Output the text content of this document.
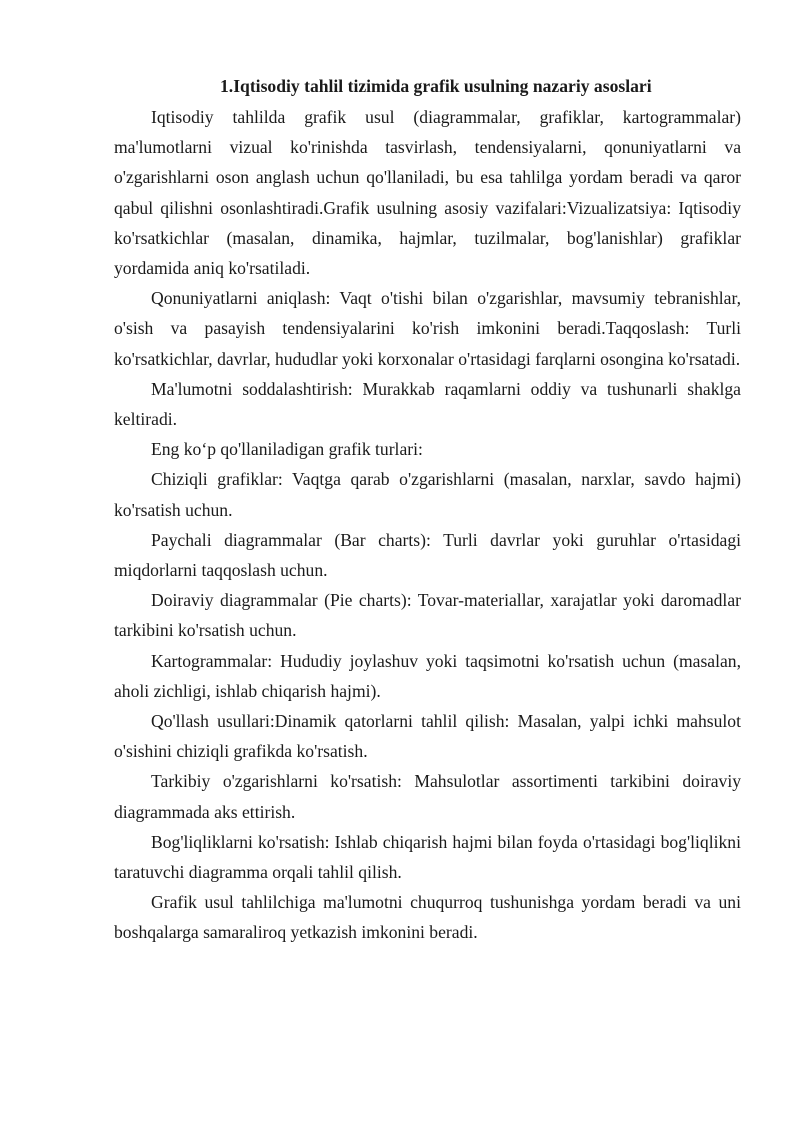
1.Iqtisodiy tahlil tizimida grafik usulning nazariy asoslari

Iqtisodiy tahlilda grafik usul (diagrammalar, grafiklar, kartogrammalar) ma'lumotlarni vizual ko'rinishda tasvirlash, tendensiyalarni, qonuniyatlarni va o'zgarishlarni oson anglash uchun qo'llaniladi, bu esa tahlilga yordam beradi va qaror qabul qilishni osonlashtiradi.Grafik usulning asosiy vazifalari:Vizualizatsiya: Iqtisodiy ko'rsatkichlar (masalan, dinamika, hajmlar, tuzilmalar, bog'lanishlar) grafiklar yordamida aniq ko'rsatiladi.

Qonuniyatlarni aniqlash: Vaqt o'tishi bilan o'zgarishlar, mavsumiy tebranishlar, o'sish va pasayish tendensiyalarini ko'rish imkonini beradi.Taqqoslash: Turli ko'rsatkichlar, davrlar, hududlar yoki korxonalar o'rtasidagi farqlarni osongina ko'rsatadi.

Ma'lumotni soddalashtirish: Murakkab raqamlarni oddiy va tushunarli shaklga keltiradi.

Eng koʻp qo'llaniladigan grafik turlari:

Chiziqli grafiklar: Vaqtga qarab o'zgarishlarni (masalan, narxlar, savdo hajmi) ko'rsatish uchun.

Paychali diagrammalar (Bar charts): Turli davrlar yoki guruhlar o'rtasidagi miqdorlarni taqqoslash uchun.

Doiraviy diagrammalar (Pie charts): Tovar-materiallar, xarajatlar yoki daromadlar tarkibini ko'rsatish uchun.

Kartogrammalar: Hududiy joylashuv yoki taqsimotni ko'rsatish uchun (masalan, aholi zichligi, ishlab chiqarish hajmi).

Qo'llash usullari:Dinamik qatorlarni tahlil qilish: Masalan, yalpi ichki mahsulot o'sishini chiziqli grafikda ko'rsatish.

Tarkibiy o'zgarishlarni ko'rsatish: Mahsulotlar assortimenti tarkibini doiraviy diagrammada aks ettirish.

Bog'liqliklarni ko'rsatish: Ishlab chiqarish hajmi bilan foyda o'rtasidagi bog'liqlikni taratuvchi diagramma orqali tahlil qilish.

Grafik usul tahlilchiga ma'lumotni chuqurroq tushunishga yordam beradi va uni boshqalarga samaraliroq yetkazish imkonini beradi.
